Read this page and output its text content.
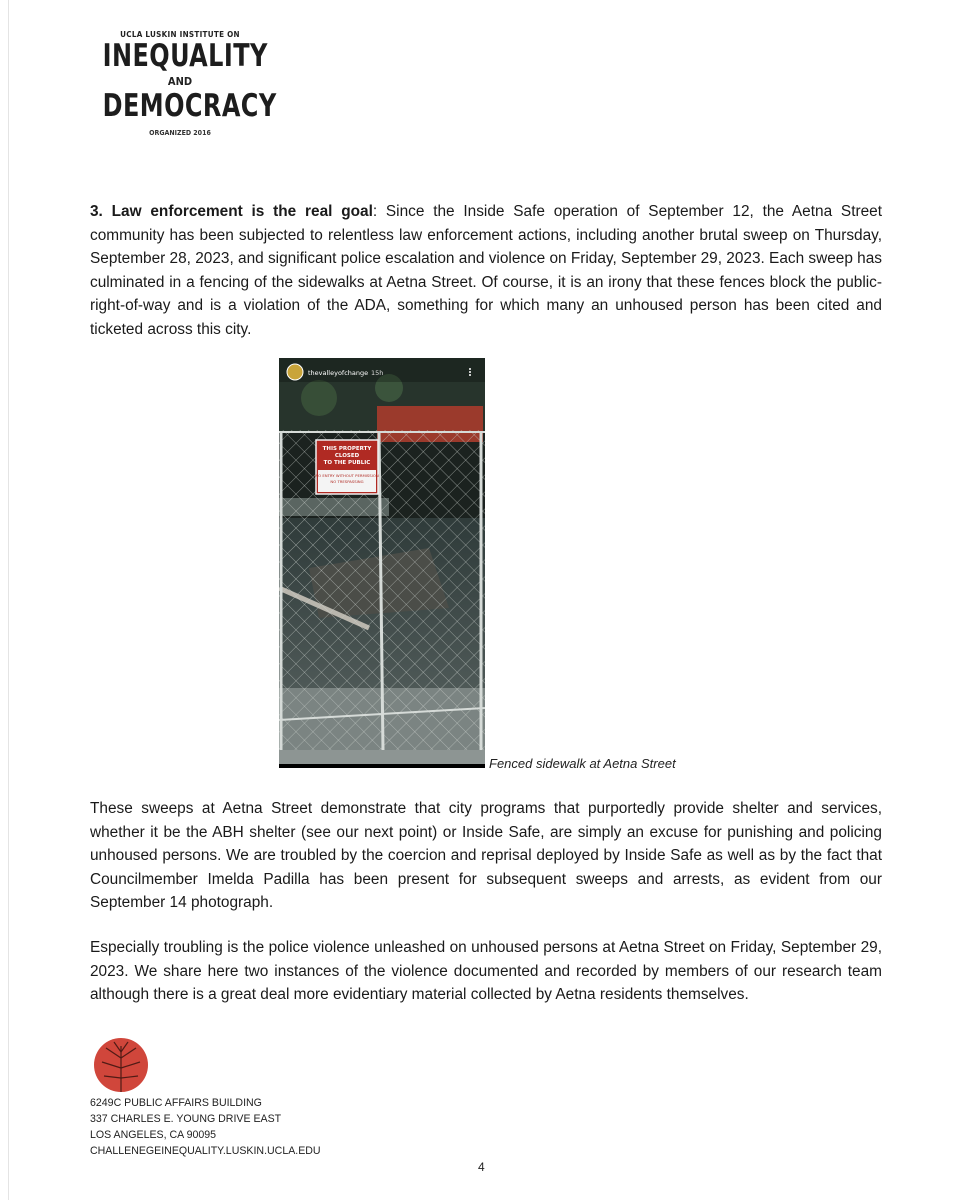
UCLA LUSKIN INSTITUTE ON
INEQUALITY
AND
DEMOCRACY
ORGANIZED 2016
3. Law enforcement is the real goal: Since the Inside Safe operation of September 12, the Aetna Street community has been subjected to relentless law enforcement actions, including another brutal sweep on Thursday, September 28, 2023, and significant police escalation and violence on Friday, September 29, 2023. Each sweep has culminated in a fencing of the sidewalks at Aetna Street. Of course, it is an irony that these fences block the public-right-of-way and is a violation of the ADA, something for which many an unhoused person has been cited and ticketed across this city.
THIS PROPERTY
CLOSED
TO THE PUBLIC
NO ENTRY WITHOUT PERMISSION
NO TRESPASSING
thevalleyofchange 15h
Fenced sidewalk at Aetna Street
These sweeps at Aetna Street demonstrate that city programs that purportedly provide shelter and services, whether it be the ABH shelter (see our next point) or Inside Safe, are simply an excuse for punishing and policing unhoused persons. We are troubled by the coercion and reprisal deployed by Inside Safe as well as by the fact that Councilmember Imelda Padilla has been present for subsequent sweeps and arrests, as evident from our September 14 photograph.
Especially troubling is the police violence unleashed on unhoused persons at Aetna Street on Friday, September 29, 2023. We share here two instances of the violence documented and recorded by members of our research team although there is a great deal more evidentiary material collected by Aetna residents themselves.
6249C PUBLIC AFFAIRS BUILDING
337 CHARLES E. YOUNG DRIVE EAST
LOS ANGELES, CA 90095
CHALLENEGEINEQUALITY.LUSKIN.UCLA.EDU
4
